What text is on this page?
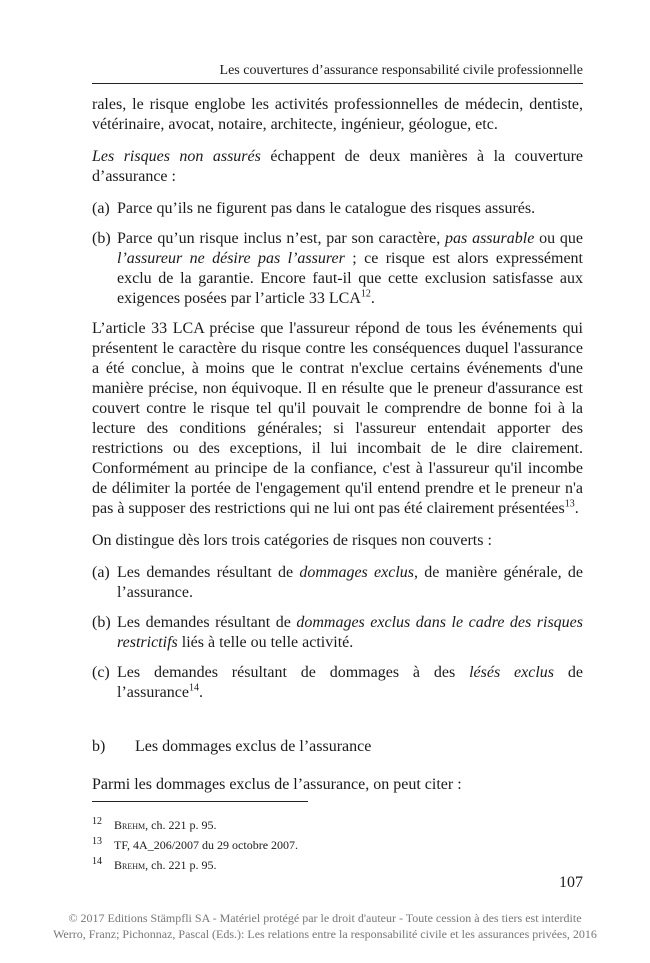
Les couvertures d’assurance responsabilité civile professionnelle

rales, le risque englobe les activités professionnelles de médecin, dentiste, vétérinaire, avocat, notaire, architecte, ingénieur, géologue, etc.

Les risques non assurés échappent de deux manières à la couverture d’assurance :

(a) Parce qu’ils ne figurent pas dans le catalogue des risques assurés.
(b) Parce qu’un risque inclus n’est, par son caractère, pas assurable ou que l’assureur ne désire pas l’assurer ; ce risque est alors expressément exclu de la garantie. Encore faut-il que cette exclusion satisfasse aux exigences posées par l’article 33 LCA$^{12}$.

L’article 33 LCA précise que l'assureur répond de tous les événements qui présentent le caractère du risque contre les conséquences duquel l'assurance a été conclue, à moins que le contrat n'exclue certains événements d'une manière précise, non équivoque. Il en résulte que le preneur d'assurance est couvert contre le risque tel qu'il pouvait le comprendre de bonne foi à la lecture des conditions générales; si l'assureur entendait apporter des restrictions ou des exceptions, il lui incombait de le dire clairement. Conformément au principe de la confiance, c'est à l'assureur qu'il incombe de délimiter la portée de l'engagement qu'il entend prendre et le preneur n'a pas à supposer des restrictions qui ne lui ont pas été clairement présentées$^{13}$.

On distingue dès lors trois catégories de risques non couverts :

(a) Les demandes résultant de dommages exclus, de manière générale, de l’assurance.
(b) Les demandes résultant de dommages exclus dans le cadre des risques restrictifs liés à telle ou telle activité.
(c) Les demandes résultant de dommages à des lésés exclus de l’assurance$^{14}$.
b)	Les dommages exclus de l’assurance

Parmi les dommages exclus de l’assurance, on peut citer :

12	Brehm, ch. 221 p. 95.
13	TF, 4A_206/2007 du 29 octobre 2007.
14	Brehm, ch. 221 p. 95.
107
© 2017 Editions Stämpfli SA - Matériel protégé par le droit d'auteur - Toute cession à des tiers est interdite
Werro, Franz; Pichonnaz, Pascal (Eds.): Les relations entre la responsabilité civile et les assurances privées, 2016
